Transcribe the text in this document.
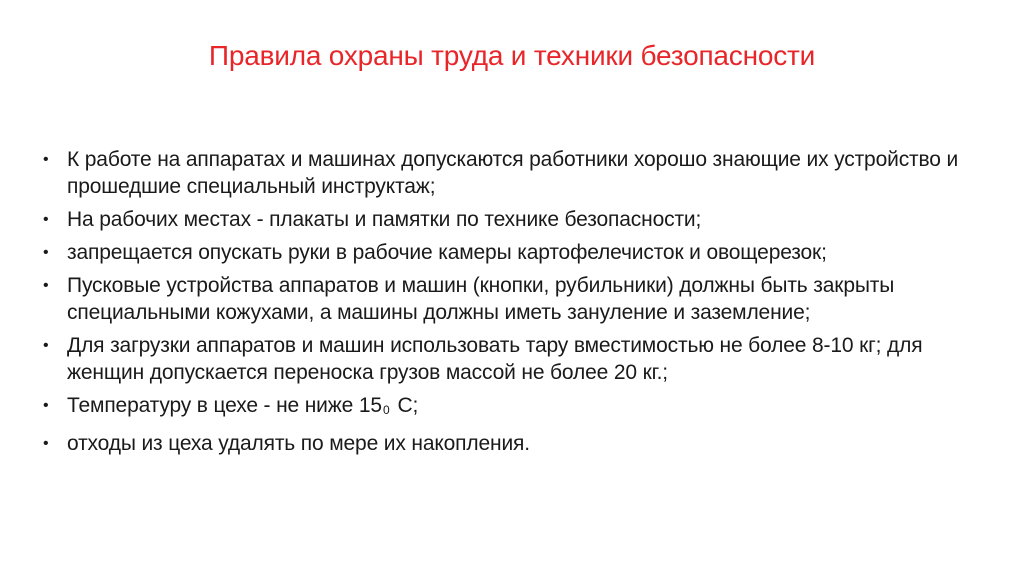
Правила охраны труда и техники безопасности
• К работе на аппаратах и машинах допускаются работники хорошо знающие их устройство и прошедшие специальный инструктаж;
• На рабочих местах - плакаты и памятки по технике безопасности;
• запрещается опускать руки в рабочие камеры картофелечисток и овощерезок;
• Пусковые устройства аппаратов и машин (кнопки, рубильники) должны быть закрыты специальными кожухами, а машины должны иметь зануление и заземление;
• Для загрузки аппаратов и машин использовать тару вместимостью не более 8-10 кг; для женщин допускается переноска грузов массой не более 20 кг.;
• Температуру в цехе - не ниже 150 С;
• отходы из цеха удалять по мере их накопления.
